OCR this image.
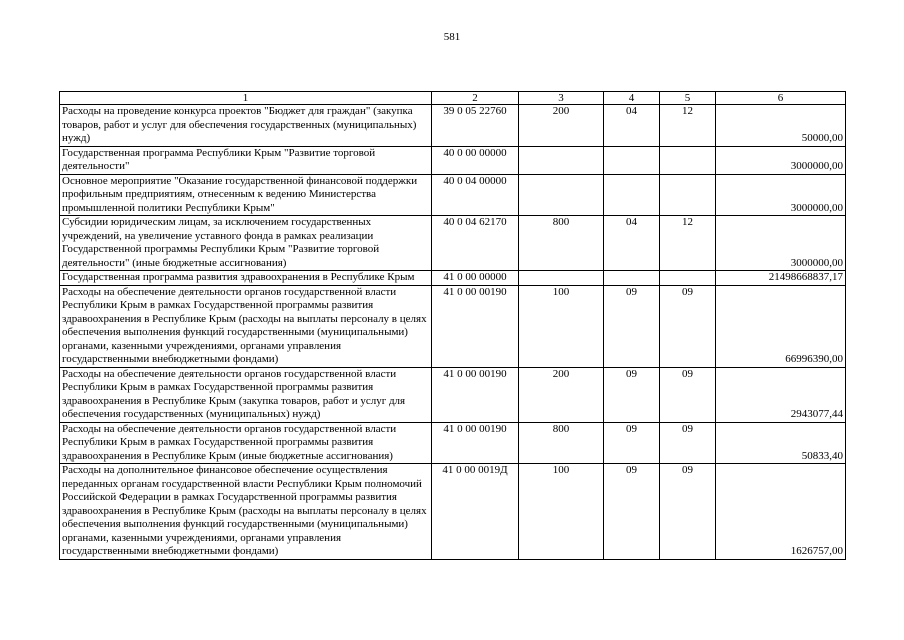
581
1	2	3	4	5	6
Расходы на проведение конкурса проектов "Бюджет для граждан" (закупка товаров, работ и услуг для обеспечения государственных (муниципальных) нужд)	39 0 05 22760	200	04	12	50000,00
Государственная программа Республики Крым "Развитие торговой деятельности"	40 0 00 00000				3000000,00
Основное мероприятие "Оказание государственной финансовой поддержки профильным предприятиям, отнесенным к ведению Министерства промышленной политики Республики Крым"	40 0 04 00000				3000000,00
Субсидии юридическим лицам, за исключением государственных учреждений, на увеличение уставного фонда в рамках реализации Государственной программы Республики Крым "Развитие торговой деятельности" (иные бюджетные ассигнования)	40 0 04 62170	800	04	12	3000000,00
Государственная программа развития здравоохранения в Республике Крым	41 0 00 00000				21498668837,17
Расходы на обеспечение деятельности органов государственной власти Республики Крым в рамках Государственной программы развития здравоохранения в Республике Крым (расходы на выплаты персоналу в целях обеспечения выполнения функций государственными (муниципальными) органами, казенными учреждениями, органами управления государственными внебюджетными фондами)	41 0 00 00190	100	09	09	66996390,00
Расходы на обеспечение деятельности органов государственной власти Республики Крым в рамках Государственной программы развития здравоохранения в Республике Крым (закупка товаров, работ и услуг для обеспечения государственных (муниципальных) нужд)	41 0 00 00190	200	09	09	2943077,44
Расходы на обеспечение деятельности органов государственной власти Республики Крым в рамках Государственной программы развития здравоохранения в Республике Крым (иные бюджетные ассигнования)	41 0 00 00190	800	09	09	50833,40
Расходы на дополнительное финансовое обеспечение осуществления переданных органам государственной власти Республики Крым полномочий Российской Федерации в рамках Государственной программы развития здравоохранения в Республике Крым (расходы на выплаты персоналу в целях обеспечения выполнения функций государственными (муниципальными) органами, казенными учреждениями, органами управления государственными внебюджетными фондами)	41 0 00 0019Д	100	09	09	1626757,00
